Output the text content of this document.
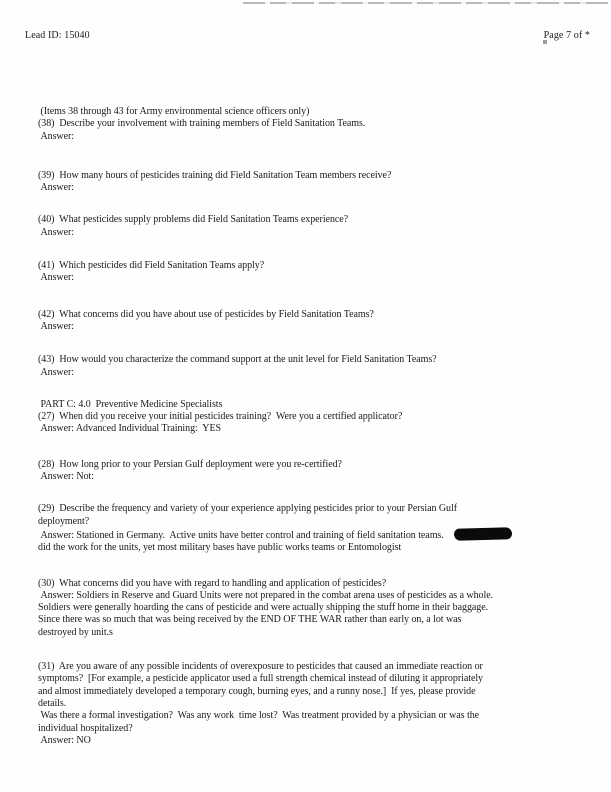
Lead ID: 15040	Page 7 of *
(Items 38 through 43 for Army environmental science officers only)
(38)  Describe your involvement with training members of Field Sanitation Teams.
Answer:
(39)  How many hours of pesticides training did Field Sanitation Team members receive?
Answer:
(40)  What pesticides supply problems did Field Sanitation Teams experience?
Answer:
(41)  Which pesticides did Field Sanitation Teams apply?
Answer:
(42)  What concerns did you have about use of pesticides by Field Sanitation Teams?
Answer:
(43)  How would you characterize the command support at the unit level for Field Sanitation Teams?
Answer:
PART C: 4.0  Preventive Medicine Specialists
(27)  When did you receive your initial pesticides training?  Were you a certified applicator?
Answer: Advanced Individual Training:  YES
(28)  How long prior to your Persian Gulf deployment were you re-certified?
Answer: Not:
(29)  Describe the frequency and variety of your experience applying pesticides prior to your Persian Gulf
deployment?
Answer: Stationed in Germany.  Active units have better control and training of field sanitation teams.
did the work for the units, yet most military bases have public works teams or Entomologist
(30)  What concerns did you have with regard to handling and application of pesticides?
Answer: Soldiers in Reserve and Guard Units were not prepared in the combat arena uses of pesticides as a whole.
Soldiers were generally hoarding the cans of pesticide and were actually shipping the stuff home in their baggage.
Since there was so much that was being received by the END OF THE WAR rather than early on, a lot was
destroyed by unit.s
(31)  Are you aware of any possible incidents of overexposure to pesticides that caused an immediate reaction or
symptoms?  [For example, a pesticide applicator used a full strength chemical instead of diluting it appropriately
and almost immediately developed a temporary cough, burning eyes, and a runny nose.]  If yes, please provide
details.
Was there a formal investigation?  Was any work  time lost?  Was treatment provided by a physician or was the
individual hospitalized?
Answer: NO
